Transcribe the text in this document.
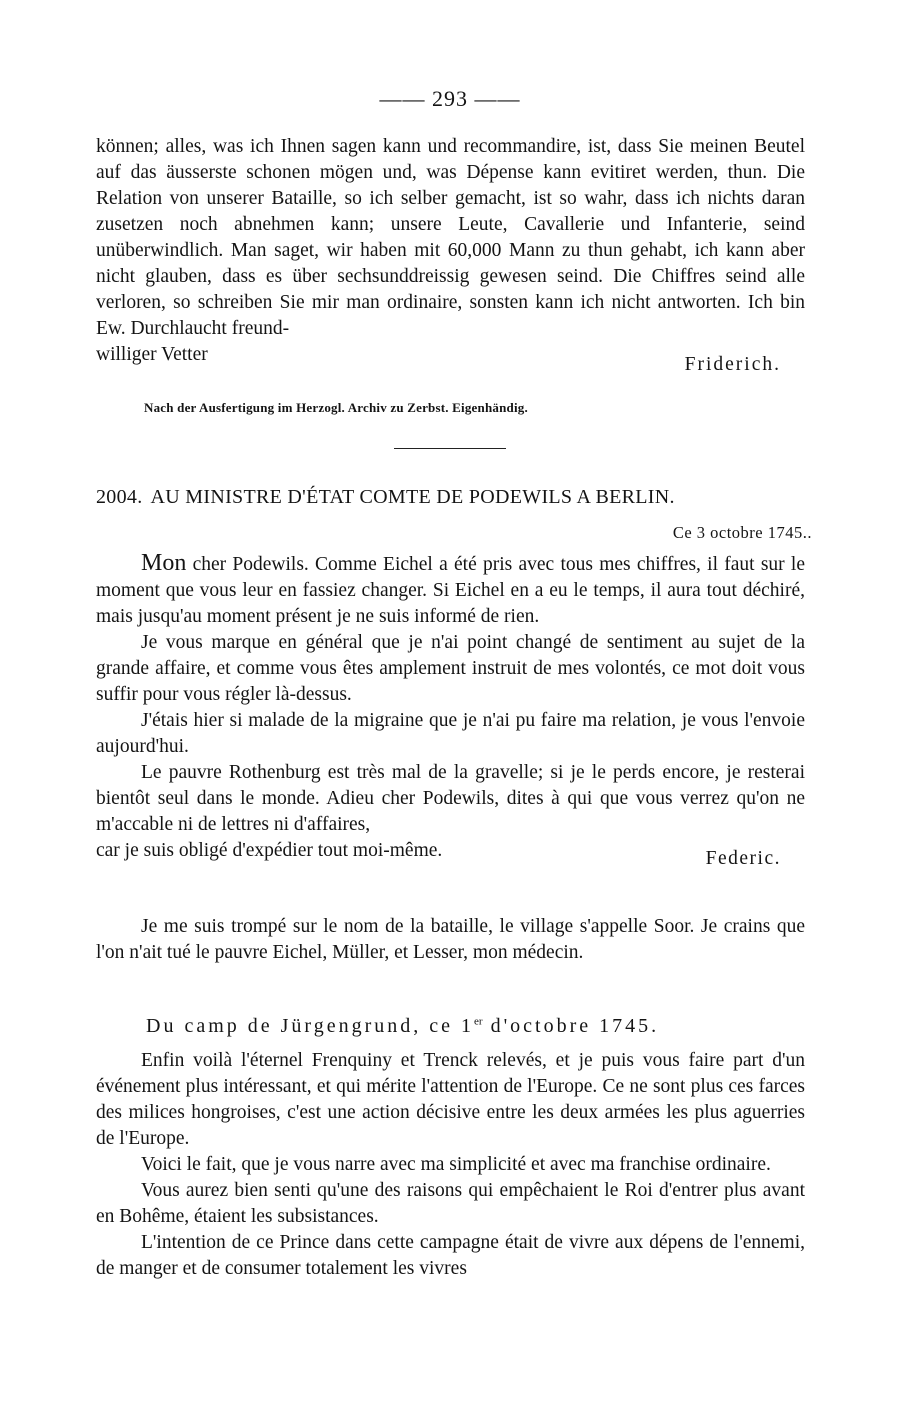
—— 293 ——
können; alles, was ich Ihnen sagen kann und recommandire, ist, dass Sie meinen Beutel auf das äusserste schonen mögen und, was Dépense kann evitiret werden, thun. Die Relation von unserer Bataille, so ich selber gemacht, ist so wahr, dass ich nichts daran zusetzen noch abnehmen kann; unsere Leute, Cavallerie und Infanterie, seind unüberwindlich. Man saget, wir haben mit 60,000 Mann zu thun gehabt, ich kann aber nicht glauben, dass es über sechsunddreissig gewesen seind. Die Chiffres seind alle verloren, so schreiben Sie mir man ordinaire, sonsten kann ich nicht antworten. Ich bin Ew. Durchlaucht freund-
williger Vetter	Friderich.
Nach der Ausfertigung im Herzogl. Archiv zu Zerbst. Eigenhändig.
2004. AU MINISTRE D'ÉTAT COMTE DE PODEWILS A BERLIN.
Ce 3 octobre 1745..

Mon cher Podewils. Comme Eichel a été pris avec tous mes chiffres, il faut sur le moment que vous leur en fassiez changer. Si Eichel en a eu le temps, il aura tout déchiré, mais jusqu'au moment présent je ne suis informé de rien.

Je vous marque en général que je n'ai point changé de sentiment au sujet de la grande affaire, et comme vous êtes amplement instruit de mes volontés, ce mot doit vous suffir pour vous régler là-dessus.

J'étais hier si malade de la migraine que je n'ai pu faire ma relation, je vous l'envoie aujourd'hui.

Le pauvre Rothenburg est très mal de la gravelle; si je le perds encore, je resterai bientôt seul dans le monde. Adieu cher Podewils, dites à qui que vous verrez qu'on ne m'accable ni de lettres ni d'affaires,

car je suis obligé d'expédier tout moi-même.	Federic.

Je me suis trompé sur le nom de la bataille, le village s'appelle Soor. Je crains que l'on n'ait tué le pauvre Eichel, Müller, et Lesser, mon médecin.

Du camp de Jürgengrund, ce 1er d'octobre 1745.

Enfin voilà l'éternel Frenquiny et Trenck relevés, et je puis vous faire part d'un événement plus intéressant, et qui mérite l'attention de l'Europe. Ce ne sont plus ces farces des milices hongroises, c'est une action décisive entre les deux armées les plus aguerries de l'Europe.

Voici le fait, que je vous narre avec ma simplicité et avec ma franchise ordinaire.

Vous aurez bien senti qu'une des raisons qui empêchaient le Roi d'entrer plus avant en Bohême, étaient les subsistances.

L'intention de ce Prince dans cette campagne était de vivre aux dépens de l'ennemi, de manger et de consumer totalement les vivres
